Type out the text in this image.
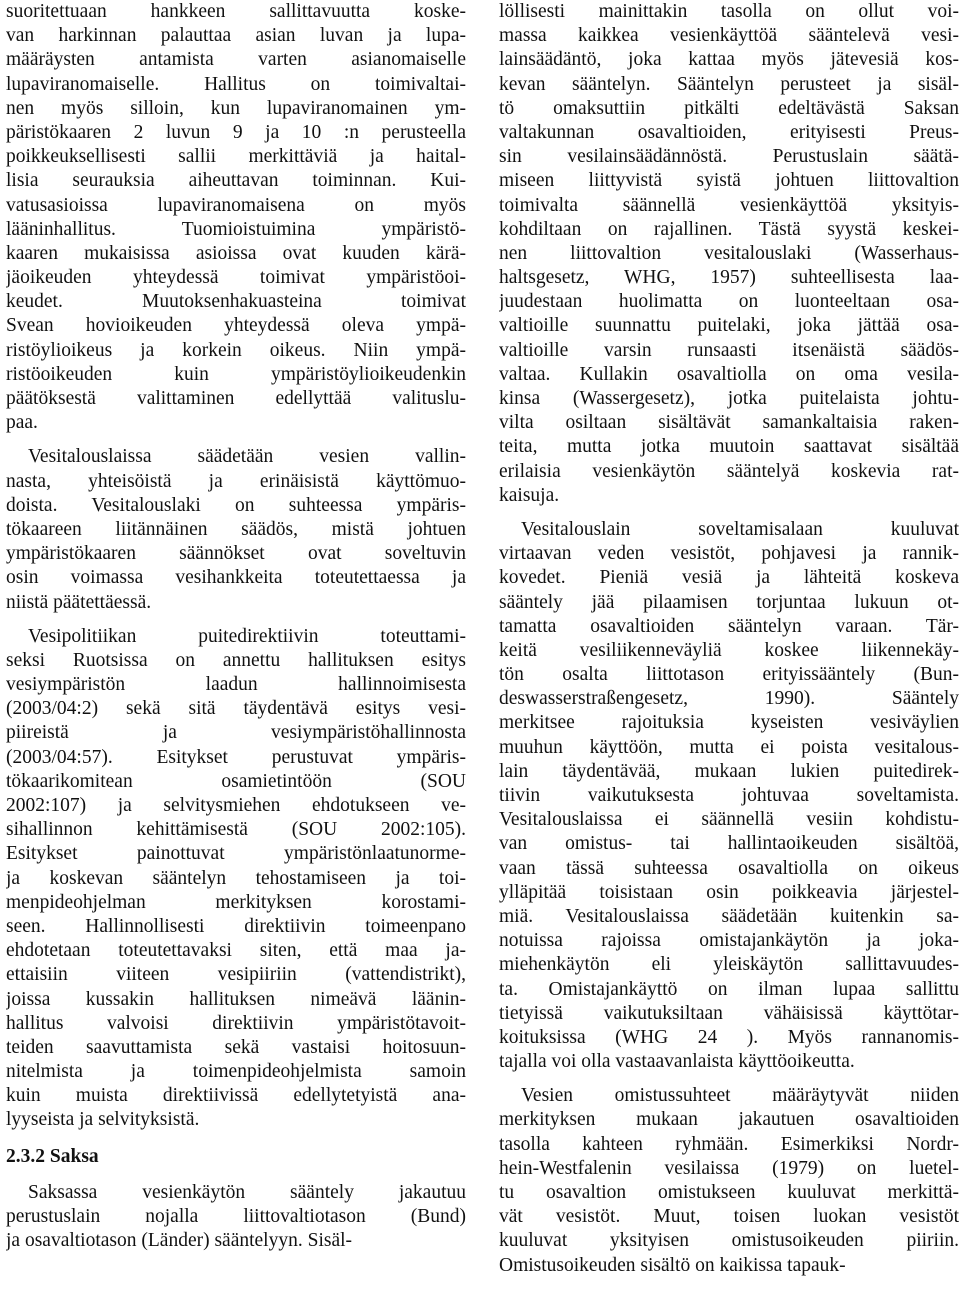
suoritettuaan hankkeen sallittavuutta koske-
van harkinnan palauttaa asian luvan ja lupa-
määräysten antamista varten asianomaiselle
lupaviranomaiselle. Hallitus on toimivaltai-
nen myös silloin, kun lupaviranomainen ym-
päristökaaren 2 luvun 9 ja 10 :n perusteella
poikkeuksellisesti sallii merkittäviä ja haital-
lisia seurauksia aiheuttavan toiminnan. Kui-
vatusasioissa lupaviranomaisena on myös
lääninhallitus. Tuomioistuimina ympäristö-
kaaren mukaisissa asioissa ovat kuuden kärä-
jäoikeuden yhteydessä toimivat ympäristöoi-
keudet. Muutoksenhakuasteina toimivat
Svean hovioikeuden yhteydessä oleva ympä-
ristöylioikeus ja korkein oikeus. Niin ympä-
ristöoikeuden kuin ympäristöylioikeudenkin
päätöksestä valittaminen edellyttää valituslu-
paa.
Vesitalouslaissa säädetään vesien vallin-
nasta, yhteisöistä ja erinäisistä käyttömuo-
doista. Vesitalouslaki on suhteessa ympäris-
tökaareen liitännäinen säädös, mistä johtuen
ympäristökaaren säännökset ovat soveltuvin
osin voimassa vesihankkeita toteutettaessa ja
niistä päätettäessä.
Vesipolitiikan puitedirektiivin toteuttami-
seksi Ruotsissa on annettu hallituksen esitys
vesiympäristön laadun hallinnoimisesta
(2003/04:2) sekä sitä täydentävä esitys vesi-
piireistä ja vesiympäristöhallinnosta
(2003/04:57). Esitykset perustuvat ympäris-
tökaarikomitean osamietintöön (SOU
2002:107) ja selvitysmiehen ehdotukseen ve-
sihallinnon kehittämisestä (SOU 2002:105).
Esitykset painottuvat ympäristönlaatunorme-
ja koskevan sääntelyn tehostamiseen ja toi-
menpideohjelman merkityksen korostami-
seen. Hallinnollisesti direktiivin toimeenpano
ehdotetaan toteutettavaksi siten, että maa ja-
ettaisiin viiteen vesipiiriin (vattendistrikt),
joissa kussakin hallituksen nimeävä läänin-
hallitus valvoisi direktiivin ympäristötavoit-
teiden saavuttamista sekä vastaisi hoitosuun-
nitelmista ja toimenpideohjelmista samoin
kuin muista direktiivissä edellytetyistä ana-
lyyseista ja selvityksistä.
2.3.2 Saksa
Saksassa vesienkäytön sääntely jakautuu
perustuslain nojalla liittovaltiotason (Bund)
ja osavaltiotason (Länder) sääntelyyn. Sisäl-
löllisesti mainittakin tasolla on ollut voi-
massa kaikkea vesienkäyttöä sääntelevä vesi-
lainsäädäntö, joka kattaa myös jätevesiä kos-
kevan sääntelyn. Sääntelyn perusteet ja sisäl-
tö omaksuttiin pitkälti edeltävästä Saksan
valtakunnan osavaltioiden, erityisesti Preus-
sin vesilainsäädännöstä. Perustuslain säätä-
miseen liittyvistä syistä johtuen liittovaltion
toimivalta säännellä vesienkäyttöä yksityis-
kohdiltaan on rajallinen. Tästä syystä keskei-
nen liittovaltion vesitalouslaki (Wasserhaus-
haltsgesetz, WHG, 1957) suhteellisesta laa-
juudestaan huolimatta on luonteeltaan osa-
valtioille suunnattu puitelaki, joka jättää osa-
valtioille varsin runsaasti itsenäistä säädös-
valtaa. Kullakin osavaltiolla on oma vesila-
kinsa (Wassergesetz), jotka puitelaista johtu-
vilta osiltaan sisältävät samankaltaisia raken-
teita, mutta jotka muutoin saattavat sisältää
erilaisia vesienkäytön sääntelyä koskevia rat-
kaisuja.
Vesitalouslain soveltamisalaan kuuluvat
virtaavan veden vesistöt, pohjavesi ja rannik-
kovedet. Pieniä vesiä ja lähteitä koskeva
sääntely jää pilaamisen torjuntaa lukuun ot-
tamatta osavaltioiden sääntelyn varaan. Tär-
keitä vesiliikenneväyliä koskee liikennekäy-
tön osalta liittotason erityissääntely (Bun-
deswasserstraßengesetz, 1990). Sääntely
merkitsee rajoituksia kyseisten vesiväylien
muuhun käyttöön, mutta ei poista vesitalous-
lain täydentävää, mukaan lukien puitedirek-
tiivin vaikutuksesta johtuvaa soveltamista.
Vesitalouslaissa ei säännellä vesiin kohdistu-
van omistus- tai hallintaoikeuden sisältöä,
vaan tässä suhteessa osavaltiolla on oikeus
ylläpitää toisistaan osin poikkeavia järjestel-
miä. Vesitalouslaissa säädetään kuitenkin sa-
notuissa rajoissa omistajankäytön ja joka-
miehenkäytön eli yleiskäytön sallittavuudes-
ta. Omistajankäyttö on ilman lupaa sallittu
tietyissä vaikutuksiltaan vähäisissä käyttötar-
koituksissa (WHG 24 ). Myös rannanomis-
tajalla voi olla vastaavanlaista käyttöoikeutta.
Vesien omistussuhteet määräytyvät niiden
merkityksen mukaan jakautuen osavaltioiden
tasolla kahteen ryhmään. Esimerkiksi Nordr-
hein-Westfalenin vesilaissa (1979) on luetel-
tu osavaltion omistukseen kuuluvat merkittä-
vät vesistöt. Muut, toisen luokan vesistöt
kuuluvat yksityisen omistusoikeuden piiriin.
Omistusoikeuden sisältö on kaikissa tapauk-
